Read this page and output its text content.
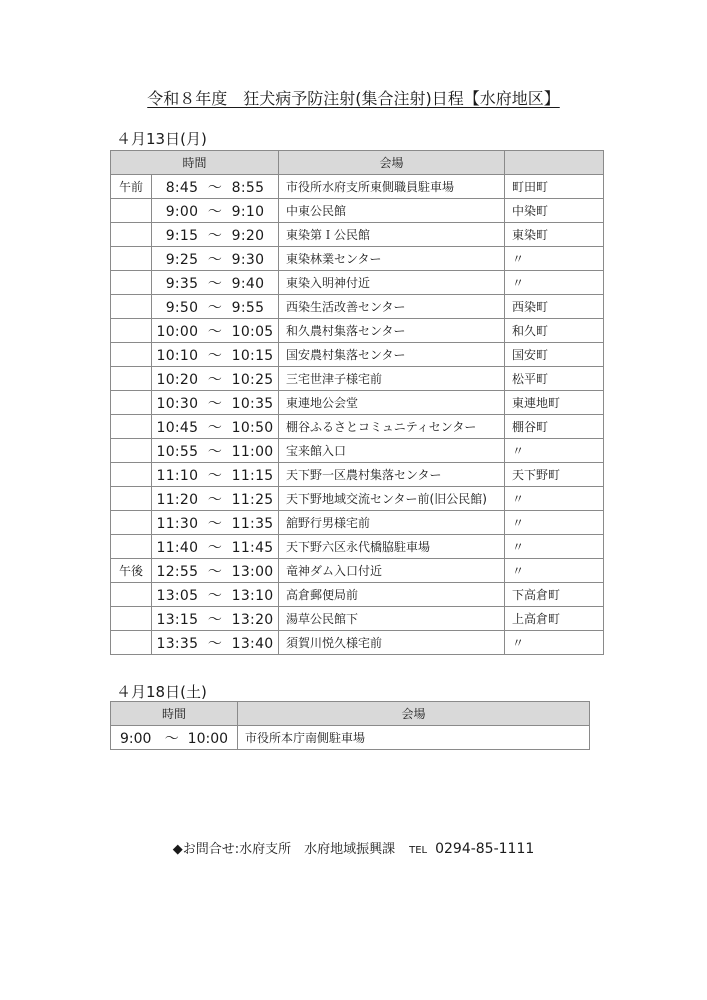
令和８年度　狂犬病予防注射(集合注射)日程【水府地区】
４月13日(月)
時間		会場	
午前	8:45  ～  8:55	市役所水府支所東側職員駐車場	町田町
	9:00  ～  9:10	中東公民館	中染町
	9:15  ～  9:20	東染第Ｉ公民館	東染町
	9:25  ～  9:30	東染林業センター	〃
	9:35  ～  9:40	東染入明神付近	〃
	9:50  ～  9:55	西染生活改善センター	西染町
	10:00  ～  10:05	和久農村集落センター	和久町
	10:10  ～  10:15	国安農村集落センター	国安町
	10:20  ～  10:25	三宅世津子様宅前	松平町
	10:30  ～  10:35	東連地公会堂	東連地町
	10:45  ～  10:50	棚谷ふるさとコミュニティセンター	棚谷町
	10:55  ～  11:00	宝来館入口	〃
	11:10  ～  11:15	天下野一区農村集落センター	天下野町
	11:20  ～  11:25	天下野地域交流センター前(旧公民館)	〃
	11:30  ～  11:35	舘野行男様宅前	〃
	11:40  ～  11:45	天下野六区永代橋脇駐車場	〃
午後	12:55  ～  13:00	竜神ダム入口付近	〃
	13:05  ～  13:10	高倉郵便局前	下高倉町
	13:15  ～  13:20	湯草公民館下	上高倉町
	13:35  ～  13:40	須賀川悦久様宅前	〃
４月18日(土)
時間	会場
9:00   ～  10:00	市役所本庁南側駐車場
◆お問合せ:水府支所　水府地域振興課 TEL 0294-85-1111
